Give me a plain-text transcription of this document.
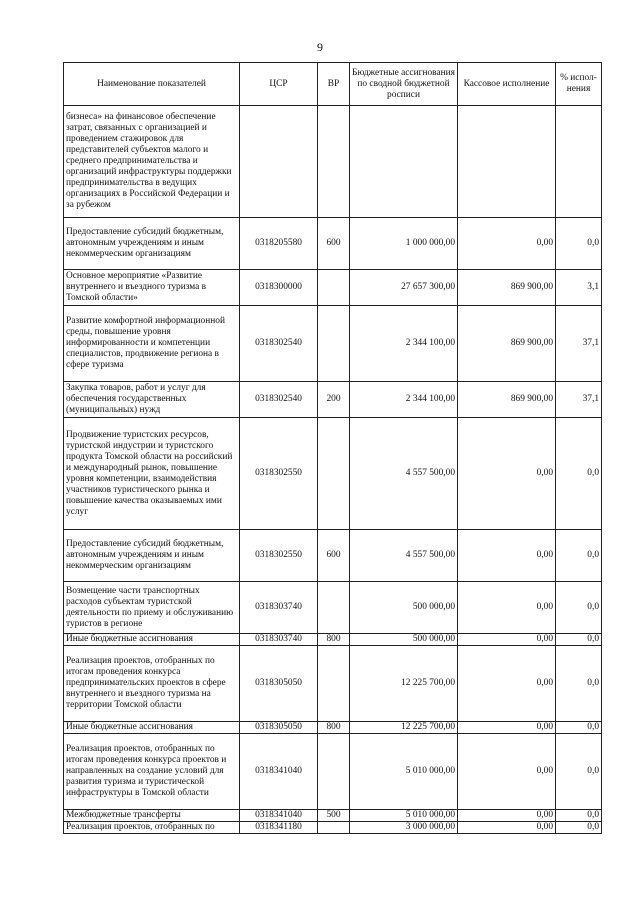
9
Наименование показателей	ЦСР	ВР	Бюджетные ассигнования по сводной бюджетной росписи	Кассовое исполнение	% испол-нения
бизнеса» на финансовое обеспечение затрат, связанных с организацией и проведением стажировок для представителей субъектов малого и среднего предпринимательства и организаций инфраструктуры поддержки предпринимательства в ведущих организациях в Российской Федерации и за рубежом					
Предоставление субсидий бюджетным, автономным учреждениям и иным некоммерческим организациям	0318205580	600	1 000 000,00	0,00	0,0
Основное мероприятие «Развитие внутреннего и въездного туризма в Томской области»	0318300000		27 657 300,00	869 900,00	3,1
Развитие комфортной информационной среды, повышение уровня информированности и компетенции специалистов, продвижение региона в сфере туризма	0318302540		2 344 100,00	869 900,00	37,1
Закупка товаров, работ и услуг для обеспечения государственных (муниципальных) нужд	0318302540	200	2 344 100,00	869 900,00	37,1
Продвижение туристских ресурсов, туристской индустрии и туристского продукта Томской области на российский и международный рынок, повышение уровня компетенции, взаимодействия участников туристического рынка и повышение качества оказываемых ими услуг	0318302550		4 557 500,00	0,00	0,0
Предоставление субсидий бюджетным, автономным учреждениям и иным некоммерческим организациям	0318302550	600	4 557 500,00	0,00	0,0
Возмещение части транспортных расходов субъектам туристской деятельности по приему и обслуживанию туристов в регионе	0318303740		500 000,00	0,00	0,0
Иные бюджетные ассигнования	0318303740	800	500 000,00	0,00	0,0
Реализация проектов, отобранных по итогам проведения конкурса предпринимательских проектов в сфере внутреннего и въездного туризма на территории Томской области	0318305050		12 225 700,00	0,00	0,0
Иные бюджетные ассигнования	0318305050	800	12 225 700,00	0,00	0,0
Реализация проектов, отобранных по итогам проведения конкурса проектов и направленных на создание условий для развития туризма и туристической инфраструктуры в Томской области	0318341040		5 010 000,00	0,00	0,0
Межбюджетные трансферты	0318341040	500	5 010 000,00	0,00	0,0
Реализация проектов, отобранных по	0318341180		3 000 000,00	0,00	0,0
